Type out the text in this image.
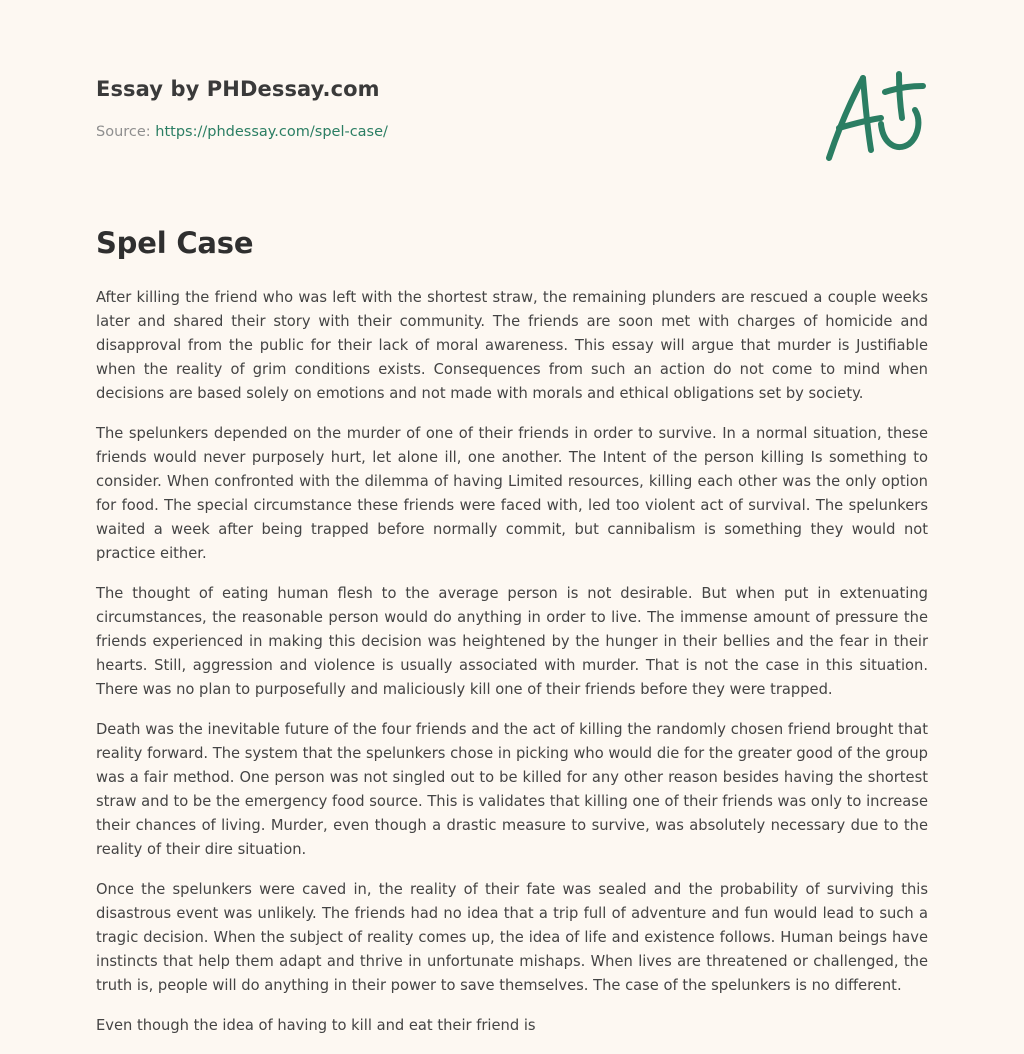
Essay by PHDessay.com

Source: https://phdessay.com/spel-case/

Spel Case

After killing the friend who was left with the shortest straw, the remaining plunders are rescued a couple weeks later and shared their story with their community. The friends are soon met with charges of homicide and disapproval from the public for their lack of moral awareness. This essay will argue that murder is Justifiable when the reality of grim conditions exists. Consequences from such an action do not come to mind when decisions are based solely on emotions and not made with morals and ethical obligations set by society.

The spelunkers depended on the murder of one of their friends in order to survive. In a normal situation, these friends would never purposely hurt, let alone ill, one another. The Intent of the person killing Is something to consider. When confronted with the dilemma of having Limited resources, killing each other was the only option for food. The special circumstance these friends were faced with, led too violent act of survival. The spelunkers waited a week after being trapped before normally commit, but cannibalism is something they would not practice either.

The thought of eating human flesh to the average person is not desirable. But when put in extenuating circumstances, the reasonable person would do anything in order to live. The immense amount of pressure the friends experienced in making this decision was heightened by the hunger in their bellies and the fear in their hearts. Still, aggression and violence is usually associated with murder. That is not the case in this situation. There was no plan to purposefully and maliciously kill one of their friends before they were trapped.

Death was the inevitable future of the four friends and the act of killing the randomly chosen friend brought that reality forward. The system that the spelunkers chose in picking who would die for the greater good of the group was a fair method. One person was not singled out to be killed for any other reason besides having the shortest straw and to be the emergency food source. This is validates that killing one of their friends was only to increase their chances of living. Murder, even though a drastic measure to survive, was absolutely necessary due to the reality of their dire situation.

Once the spelunkers were caved in, the reality of their fate was sealed and the probability of surviving this disastrous event was unlikely. The friends had no idea that a trip full of adventure and fun would lead to such a tragic decision. When the subject of reality comes up, the idea of life and existence follows. Human beings have instincts that help them adapt and thrive in unfortunate mishaps. When lives are threatened or challenged, the truth is, people will do anything in their power to save themselves. The case of the spelunkers is no different.

Even though the idea of having to kill and eat their friend is
